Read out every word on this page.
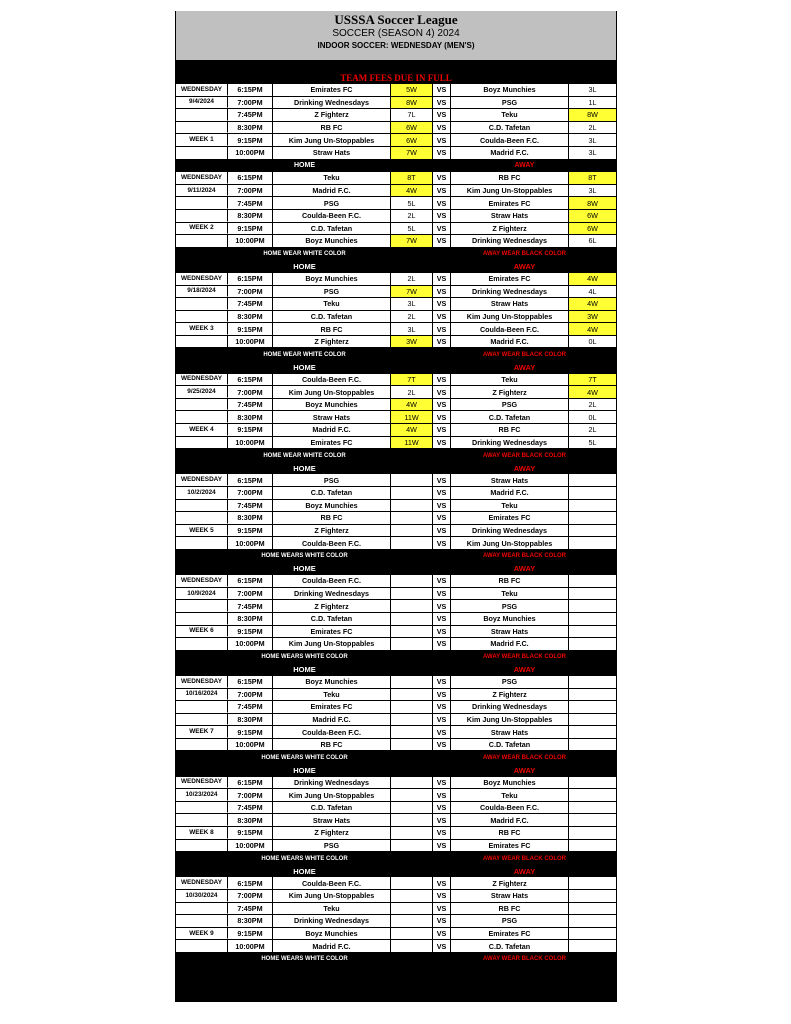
USSSA Soccer League
SOCCER (SEASON 4) 2024
INDOOR SOCCER: WEDNESDAY (MEN'S)
TEAM FEES DUE IN FULL
WEDNESDAY	6:15PM	Emirates FC	5W	VS	Boyz Munchies	3L
9/4/2024	7:00PM	Drinking Wednesdays	8W	VS	PSG	1L
7:45PM	Z Fighterz	7L	VS	Teku	8W
8:30PM	RB FC	6W	VS	C.D. Tafetan	2L
WEEK 1	9:15PM	Kim Jung Un-Stoppables	6W	VS	Coulda-Been F.C.	3L
10:00PM	Straw Hats	7W	VS	Madrid F.C.	3L
HOME	AWAY
WEDNESDAY	6:15PM	Teku	8T	VS	RB FC	8T
9/11/2024	7:00PM	Madrid F.C.	4W	VS	Kim Jung Un-Stoppables	3L
7:45PM	PSG	5L	VS	Emirates FC	8W
8:30PM	Coulda-Been F.C.	2L	VS	Straw Hats	6W
WEEK 2	9:15PM	C.D. Tafetan	5L	VS	Z Fighterz	6W
10:00PM	Boyz Munchies	7W	VS	Drinking Wednesdays	6L
HOME WEAR WHITE COLOR	AWAY WEAR BLACK COLOR
HOME	AWAY
WEDNESDAY	6:15PM	Boyz Munchies	2L	VS	Emirates FC	4W
9/18/2024	7:00PM	PSG	7W	VS	Drinking Wednesdays	4L
7:45PM	Teku	3L	VS	Straw Hats	4W
8:30PM	C.D. Tafetan	2L	VS	Kim Jung Un-Stoppables	3W
WEEK 3	9:15PM	RB FC	3L	VS	Coulda-Been F.C.	4W
10:00PM	Z Fighterz	3W	VS	Madrid F.C.	0L
HOME WEAR WHITE COLOR	AWAY WEAR BLACK COLOR
HOME	AWAY
WEDNESDAY	6:15PM	Coulda-Been F.C.	7T	VS	Teku	7T
9/25/2024	7:00PM	Kim Jung Un-Stoppables	2L	VS	Z Fighterz	4W
7:45PM	Boyz Munchies	4W	VS	PSG	2L
8:30PM	Straw Hats	11W	VS	C.D. Tafetan	0L
WEEK 4	9:15PM	Madrid F.C.	4W	VS	RB FC	2L
10:00PM	Emirates FC	11W	VS	Drinking Wednesdays	5L
HOME WEAR WHITE COLOR	AWAY WEAR BLACK COLOR
HOME	AWAY
WEDNESDAY	6:15PM	PSG	VS	Straw Hats
10/2/2024	7:00PM	C.D. Tafetan	VS	Madrid F.C.
7:45PM	Boyz Munchies	VS	Teku
8:30PM	RB FC	VS	Emirates FC
WEEK 5	9:15PM	Z Fighterz	VS	Drinking Wednesdays
10:00PM	Coulda-Been F.C.	VS	Kim Jung Un-Stoppables
HOME WEARS WHITE COLOR	AWAY WEAR BLACK COLOR
HOME	AWAY
WEDNESDAY	6:15PM	Coulda-Been F.C.	VS	RB FC
10/9/2024	7:00PM	Drinking Wednesdays	VS	Teku
7:45PM	Z Fighterz	VS	PSG
8:30PM	C.D. Tafetan	VS	Boyz Munchies
WEEK 6	9:15PM	Emirates FC	VS	Straw Hats
10:00PM	Kim Jung Un-Stoppables	VS	Madrid F.C.
HOME WEARS WHITE COLOR	AWAY WEAR BLACK COLOR
HOME	AWAY
WEDNESDAY	6:15PM	Boyz Munchies	VS	PSG
10/16/2024	7:00PM	Teku	VS	Z Fighterz
7:45PM	Emirates FC	VS	Drinking Wednesdays
8:30PM	Madrid F.C.	VS	Kim Jung Un-Stoppables
WEEK 7	9:15PM	Coulda-Been F.C.	VS	Straw Hats
10:00PM	RB FC	VS	C.D. Tafetan
HOME WEARS WHITE COLOR	AWAY WEAR BLACK COLOR
HOME	AWAY
WEDNESDAY	6:15PM	Drinking Wednesdays	VS	Boyz Munchies
10/23/2024	7:00PM	Kim Jung Un-Stoppables	VS	Teku
7:45PM	C.D. Tafetan	VS	Coulda-Been F.C.
8:30PM	Straw Hats	VS	Madrid F.C.
WEEK 8	9:15PM	Z Fighterz	VS	RB FC
10:00PM	PSG	VS	Emirates FC
HOME WEARS WHITE COLOR	AWAY WEAR BLACK COLOR
HOME	AWAY
WEDNESDAY	6:15PM	Coulda-Been F.C.	VS	Z Fighterz
10/30/2024	7:00PM	Kim Jung Un-Stoppables	VS	Straw Hats
7:45PM	Teku	VS	RB FC
8:30PM	Drinking Wednesdays	VS	PSG
WEEK 9	9:15PM	Boyz Munchies	VS	Emirates FC
10:00PM	Madrid F.C.	VS	C.D. Tafetan
HOME WEARS WHITE COLOR	AWAY WEAR BLACK COLOR
